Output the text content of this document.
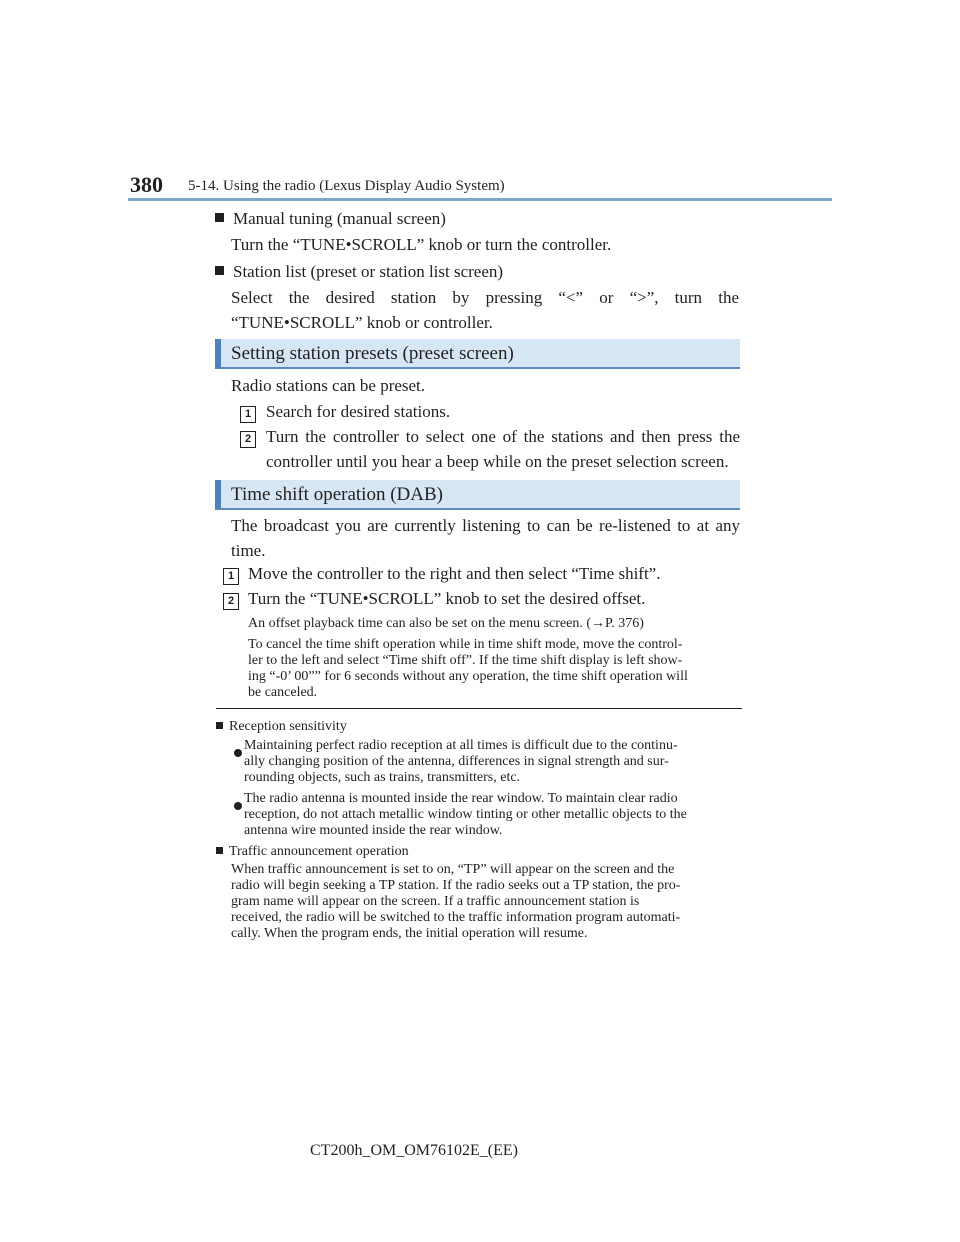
380 5-14. Using the radio (Lexus Display Audio System)
Manual tuning (manual screen)
Turn the “TUNE•SCROLL” knob or turn the controller.
Station list (preset or station list screen)
Select the desired station by pressing “<” or “>”, turn the
“TUNE•SCROLL” knob or controller.
Setting station presets (preset screen)
Radio stations can be preset.
1 Search for desired stations.
2 Turn the controller to select one of the stations and then press the
controller until you hear a beep while on the preset selection screen.
Time shift operation (DAB)
The broadcast you are currently listening to can be re-listened to at any
time.
1 Move the controller to the right and then select “Time shift”.
2 Turn the “TUNE•SCROLL” knob to set the desired offset.
An offset playback time can also be set on the menu screen. (→P. 376)
To cancel the time shift operation while in time shift mode, move the control-
ler to the left and select “Time shift off”. If the time shift display is left show-
ing “-0’ 00”” for 6 seconds without any operation, the time shift operation will
be canceled.
Reception sensitivity
Maintaining perfect radio reception at all times is difficult due to the continu-
ally changing position of the antenna, differences in signal strength and sur-
rounding objects, such as trains, transmitters, etc.
The radio antenna is mounted inside the rear window. To maintain clear radio
reception, do not attach metallic window tinting or other metallic objects to the
antenna wire mounted inside the rear window.
Traffic announcement operation
When traffic announcement is set to on, “TP” will appear on the screen and the
radio will begin seeking a TP station. If the radio seeks out a TP station, the pro-
gram name will appear on the screen. If a traffic announcement station is
received, the radio will be switched to the traffic information program automati-
cally. When the program ends, the initial operation will resume.
CT200h_OM_OM76102E_(EE)
